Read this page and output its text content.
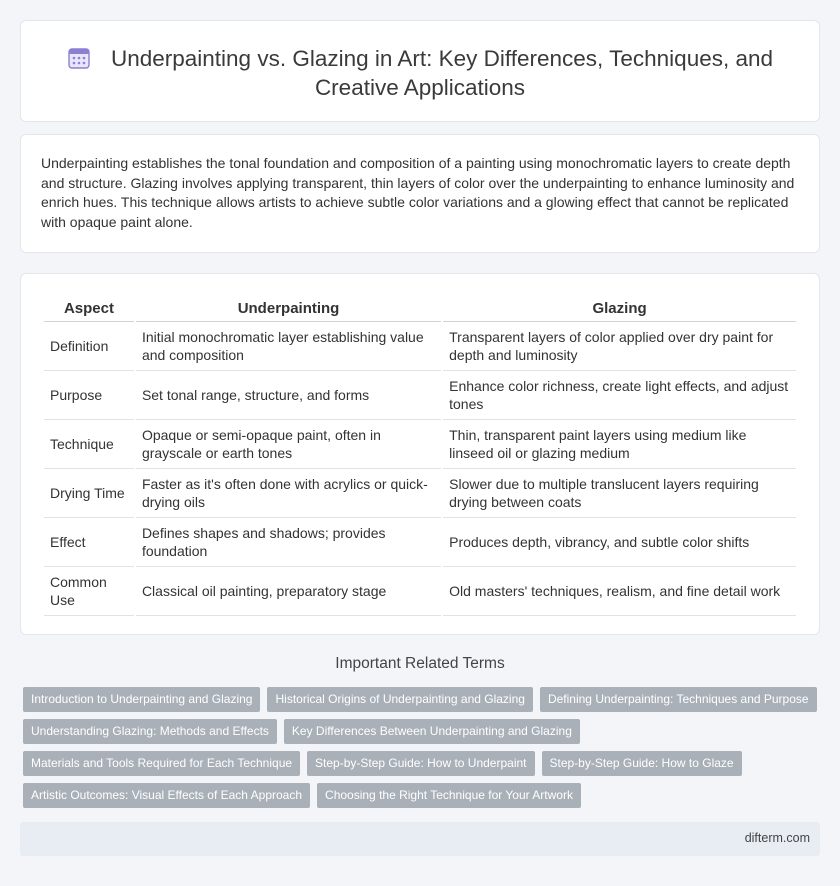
Underpainting vs. Glazing in Art: Key Differences, Techniques, and
Creative Applications

Underpainting establishes the tonal foundation and composition of a painting using monochromatic layers to create depth and structure. Glazing involves applying transparent, thin layers of color over the underpainting to enhance luminosity and enrich hues. This technique allows artists to achieve subtle color variations and a glowing effect that cannot be replicated with opaque paint alone.

Aspect	Underpainting	Glazing
Definition	Initial monochromatic layer establishing value and composition	Transparent layers of color applied over dry paint for depth and luminosity
Purpose	Set tonal range, structure, and forms	Enhance color richness, create light effects, and adjust tones
Technique	Opaque or semi-opaque paint, often in grayscale or earth tones	Thin, transparent paint layers using medium like linseed oil or glazing medium
Drying Time	Faster as it's often done with acrylics or quick-drying oils	Slower due to multiple translucent layers requiring drying between coats
Effect	Defines shapes and shadows; provides foundation	Produces depth, vibrancy, and subtle color shifts
Common Use	Classical oil painting, preparatory stage	Old masters' techniques, realism, and fine detail work
Important Related Terms
Introduction to Underpainting and Glazing	Historical Origins of Underpainting and Glazing	Defining Underpainting: Techniques and Purpose
Understanding Glazing: Methods and Effects	Key Differences Between Underpainting and Glazing
Materials and Tools Required for Each Technique	Step-by-Step Guide: How to Underpaint	Step-by-Step Guide: How to Glaze
Artistic Outcomes: Visual Effects of Each Approach	Choosing the Right Technique for Your Artwork
difterm.com
